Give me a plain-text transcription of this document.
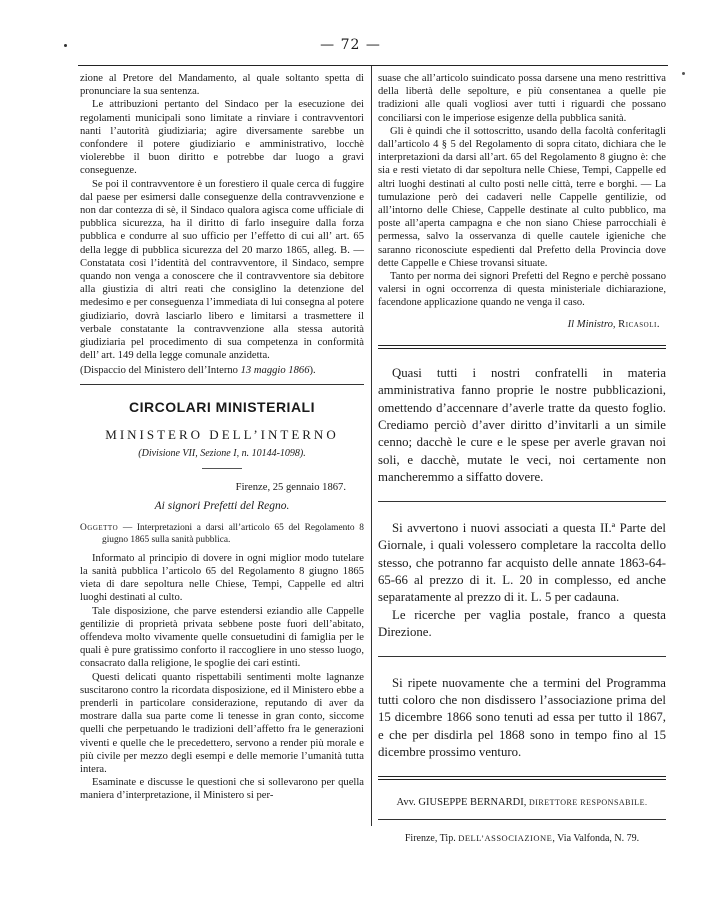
— 72 —

zione al Pretore del Mandamento, al quale soltanto spetta di pronunciare la sua sentenza.

Le attribuzioni pertanto del Sindaco per la esecuzione dei regolamenti municipali sono limitate a rinviare i contravventori nanti l’autorità giudiziaria; agire diversamente sarebbe un confondere il potere giudiziario e amministrativo, locchè violerebbe il buon diritto e potrebbe dar luogo a gravi conseguenze.

Se poi il contravventore è un forestiero il quale cerca di fuggire dal paese per esimersi dalle conseguenze della contravvenzione e non dar contezza di sè, il Sindaco qualora agisca come ufficiale di pubblica sicurezza, ha il diritto di farlo inseguire dalla forza pubblica e condurre al suo ufficio per l’effetto di cui all’ art. 65 della legge di pubblica sicurezza del 20 marzo 1865, alleg. B. — Constatata così l’identità del contravventore, il Sindaco, sempre quando non venga a conoscere che il contravventore sia debitore alla giustizia di altri reati che consiglino la detenzione del medesimo e per conseguenza l’immediata di lui consegna al potere giudiziario, dovrà lasciarlo libero e limitarsi a trasmettere il verbale constatante la contravvenzione alla stessa autorità giudiziaria pel procedimento di sua competenza in conformità dell’ art. 149 della legge comunale anzidetta.

(Dispaccio del Ministero dell’Interno 13 maggio 1866).

CIRCOLARI MINISTERIALI
MINISTERO DELL’INTERNO
(Divisione VII, Sezione I, n. 10144-1098).
Firenze, 25 gennaio 1867.
Ai signori Prefetti del Regno.

Oggetto — Interpretazioni a darsi all’articolo 65 del Regolamento 8 giugno 1865 sulla sanità pubblica.

Informato al principio di dovere in ogni miglior modo tutelare la sanità pubblica l’articolo 65 del Regolamento 8 giugno 1865 vieta di dare sepoltura nelle Chiese, Tempi, Cappelle ed altri luoghi destinati al culto.

Tale disposizione, che parve estendersi eziandio alle Cappelle gentilizie di proprietà privata sebbene poste fuori dell’abitato, offendeva molto vivamente quelle consuetudini di famiglia per le quali è pure gratissimo conforto il raccogliere in uno stesso luogo, consacrato dalla religione, le spoglie dei cari estinti.

Questi delicati quanto rispettabili sentimenti molte lagnanze suscitarono contro la ricordata disposizione, ed il Ministero ebbe a prenderli in particolare considerazione, reputando di aver da mostrare dalla sua parte come li tenesse in gran conto, siccome quelli che perpetuando le tradizioni dell’affetto fra le generazioni viventi e quelle che le precedettero, servono a render più morale e più civile per mezzo degli esempi e delle memorie l’umanità tutta intera.

Esaminate e discusse le questioni che si sollevarono per quella maniera d’interpretazione, il Ministero si per-

suase che all’articolo suindicato possa darsene una meno restrittiva della libertà delle sepolture, e più consentanea a quelle pie tradizioni alle quali vogliosi aver tutti i riguardi che possano conciliarsi con le imperiose esigenze della pubblica sanità.

Gli è quindi che il sottoscritto, usando della facoltà conferitagli dall’articolo 4 § 5 del Regolamento di sopra citato, dichiara che le interpretazioni da darsi all’art. 65 del Regolamento 8 giugno è: che sia e resti vietato di dar sepoltura nelle Chiese, Tempi, Cappelle ed altri luoghi destinati al culto posti nelle città, terre e borghi. — La tumulazione però dei cadaveri nelle Cappelle gentilizie, od all’intorno delle Chiese, Cappelle destinate al culto pubblico, ma poste all’aperta campagna e che non siano Chiese parrocchiali è permessa, salvo la osservanza di quelle cautele igieniche che saranno riconosciute espedienti dal Prefetto della Provincia dove dette Cappelle e Chiese trovansi situate.

Tanto per norma dei signori Prefetti del Regno e perchè possano valersi in ogni occorrenza di questa ministeriale dichiarazione, facendone applicazione quando ne venga il caso.

Il Ministro, Ricasoli.

Quasi tutti i nostri confratelli in materia amministrativa fanno proprie le nostre pubblicazioni, omettendo d’accennare d’averle tratte da questo foglio. Crediamo perciò d’aver diritto d’invitarli a un simile cenno; dacchè le cure e le spese per averle gravan noi soli, e dacchè, mutate le veci, noi certamente non mancheremmo a siffatto dovere.

Si avvertono i nuovi associati a questa II.ª Parte del Giornale, i quali volessero completare la raccolta dello stesso, che potranno far acquisto delle annate 1863-64-65-66 al prezzo di it. L. 20 in complesso, ed anche separatamente al prezzo di it. L. 5 per cadauna.

Le ricerche per vaglia postale, franco a questa Direzione.

Si ripete nuovamente che a termini del Programma tutti coloro che non disdissero l’associazione prima del 15 dicembre 1866 sono tenuti ad essa per tutto il 1867, e che per disdirla pel 1868 sono in tempo fino al 15 dicembre prossimo venturo.

Avv. GIUSEPPE BERNARDI, DIRETTORE RESPONSABILE.

Firenze, Tip. DELL’ASSOCIAZIONE, Via Valfonda, N. 79.
